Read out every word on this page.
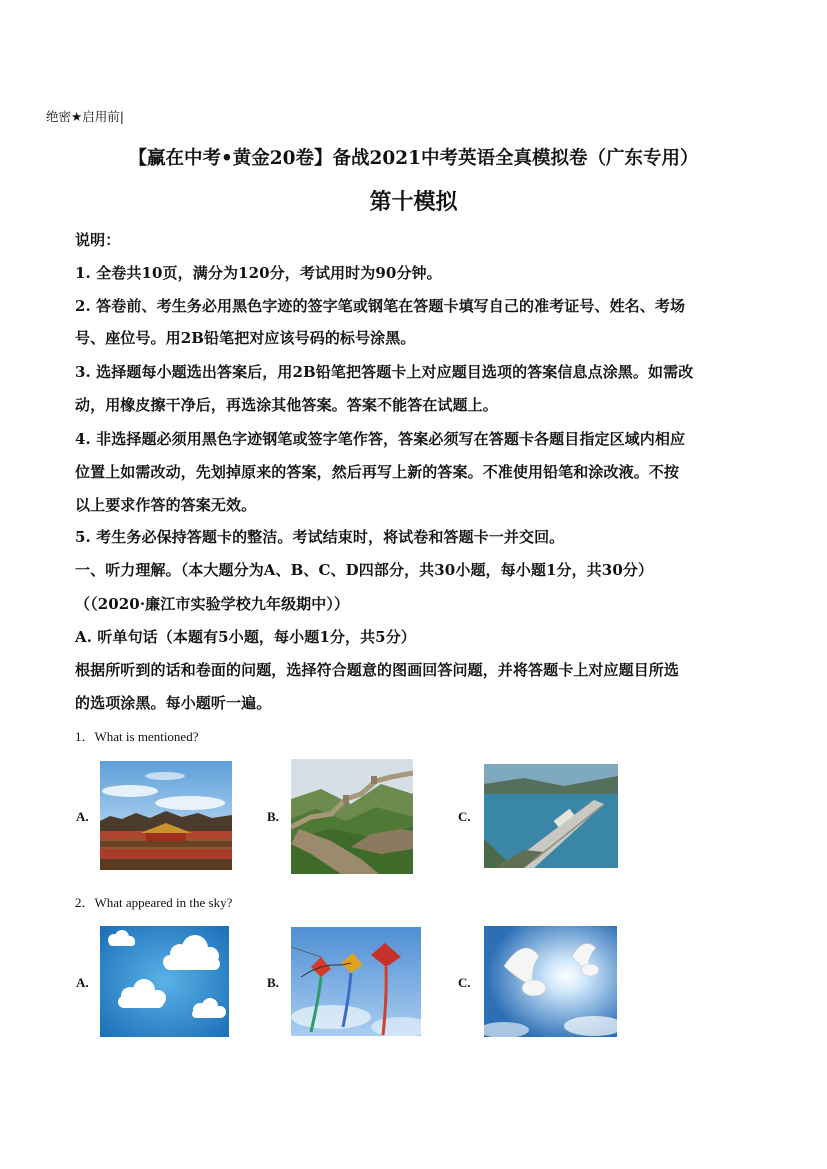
绝密★启用前|
【赢在中考•黄金20卷】备战2021中考英语全真模拟卷（广东专用）
第十模拟
说明：
1. 全卷共10页，满分为120分，考试用时为90分钟。
2. 答卷前、考生务必用黑色字迹的签字笔或钢笔在答题卡填写自己的准考证号、姓名、考场
号、座位号。用2B铅笔把对应该号码的标号涂黑。
3. 选择题每小题选出答案后，用2B铅笔把答题卡上对应题目选项的答案信息点涂黑。如需改
动，用橡皮擦干净后，再选涂其他答案。答案不能答在试题上。
4. 非选择题必须用黑色字迹钢笔或签字笔作答，答案必须写在答题卡各题目指定区域内相应
位置上如需改动，先划掉原来的答案，然后再写上新的答案。不准使用铅笔和涂改液。不按
以上要求作答的答案无效。
5. 考生务必保持答题卡的整洁。考试结束时，将试卷和答题卡一并交回。
一、听力理解。（本大题分为A、B、C、D四部分，共30小题，每小题1分，共30分）
（（2020·廉江市实验学校九年级期中））
A. 听单句话（本题有5小题，每小题1分，共5分）
根据所听到的话和卷面的问题，选择符合题意的图画回答问题，并将答题卡上对应题目所选
的选项涂黑。每小题听一遍。
1．What is mentioned?
A.	B.	C.
2．What appeared in the sky?
A.	B.	C.
